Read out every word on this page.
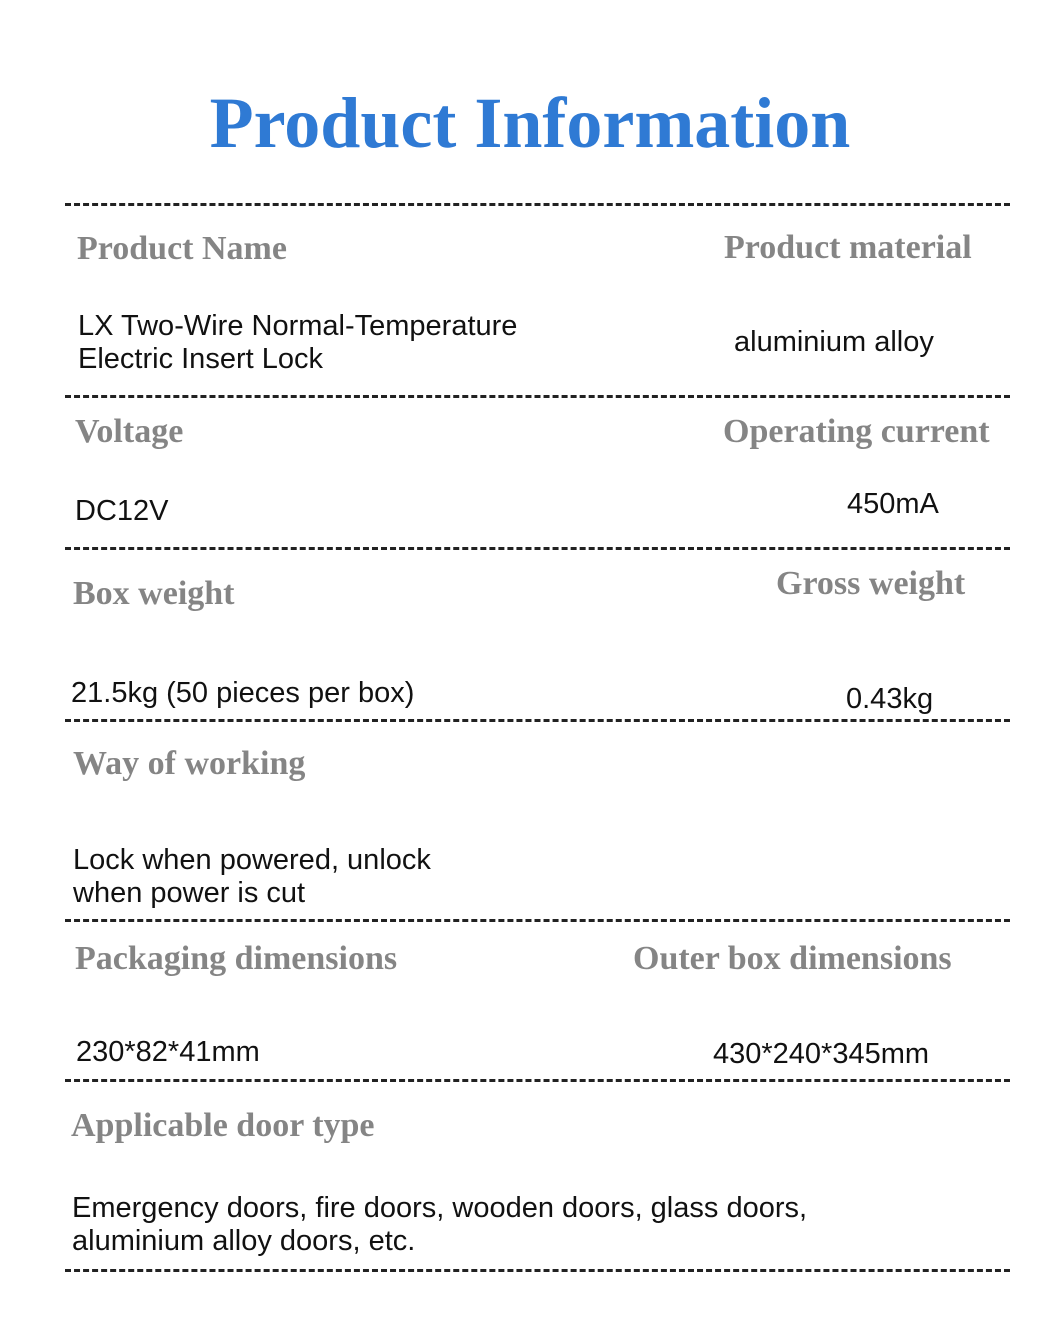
Product Information
Product Name
LX Two-Wire Normal-Temperature
Electric Insert Lock
Product material
aluminium alloy
Voltage
DC12V
Operating current
450mA
Box weight
21.5kg (50 pieces per box)
Gross weight
0.43kg
Way of working
Lock when powered, unlock
when power is cut
Packaging dimensions
230*82*41mm
Outer box dimensions
430*240*345mm
Applicable door type
Emergency doors, fire doors, wooden doors, glass doors,
aluminium alloy doors, etc.
